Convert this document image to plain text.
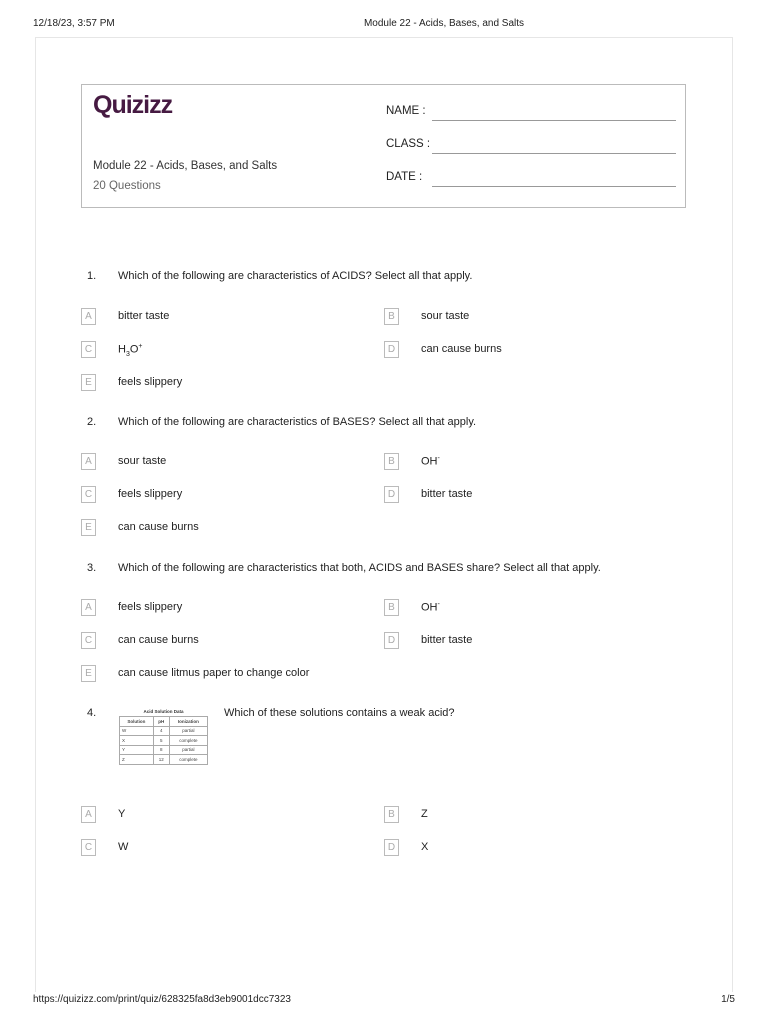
12/18/23, 3:57 PM	Module 22 - Acids, Bases, and Salts
Quizizz
Module 22 - Acids, Bases, and Salts
20 Questions
NAME :
CLASS :
DATE :
1. Which of the following are characteristics of ACIDS? Select all that apply.
A	bitter taste	B	sour taste
C	$H_3O^+$	D	can cause burns
E	feels slippery
2. Which of the following are characteristics of BASES? Select all that apply.
A	sour taste	B	OH-
C	feels slippery	D	bitter taste
E	can cause burns
3. Which of the following are characteristics that both, ACIDS and BASES share? Select all that apply.
A	feels slippery	B	OH-
C	can cause burns	D	bitter taste
E	can cause litmus paper to change color
4.	Acid Solution Data
Solution	pH	Ionization
W	4	partial
X	5	complete
Y	8	partial
Z	12	complete
Which of these solutions contains a weak acid?
A	Y	B	Z
C	W	D	X
https://quizizz.com/print/quiz/628325fa8d3eb9001dcc7323	1/5
